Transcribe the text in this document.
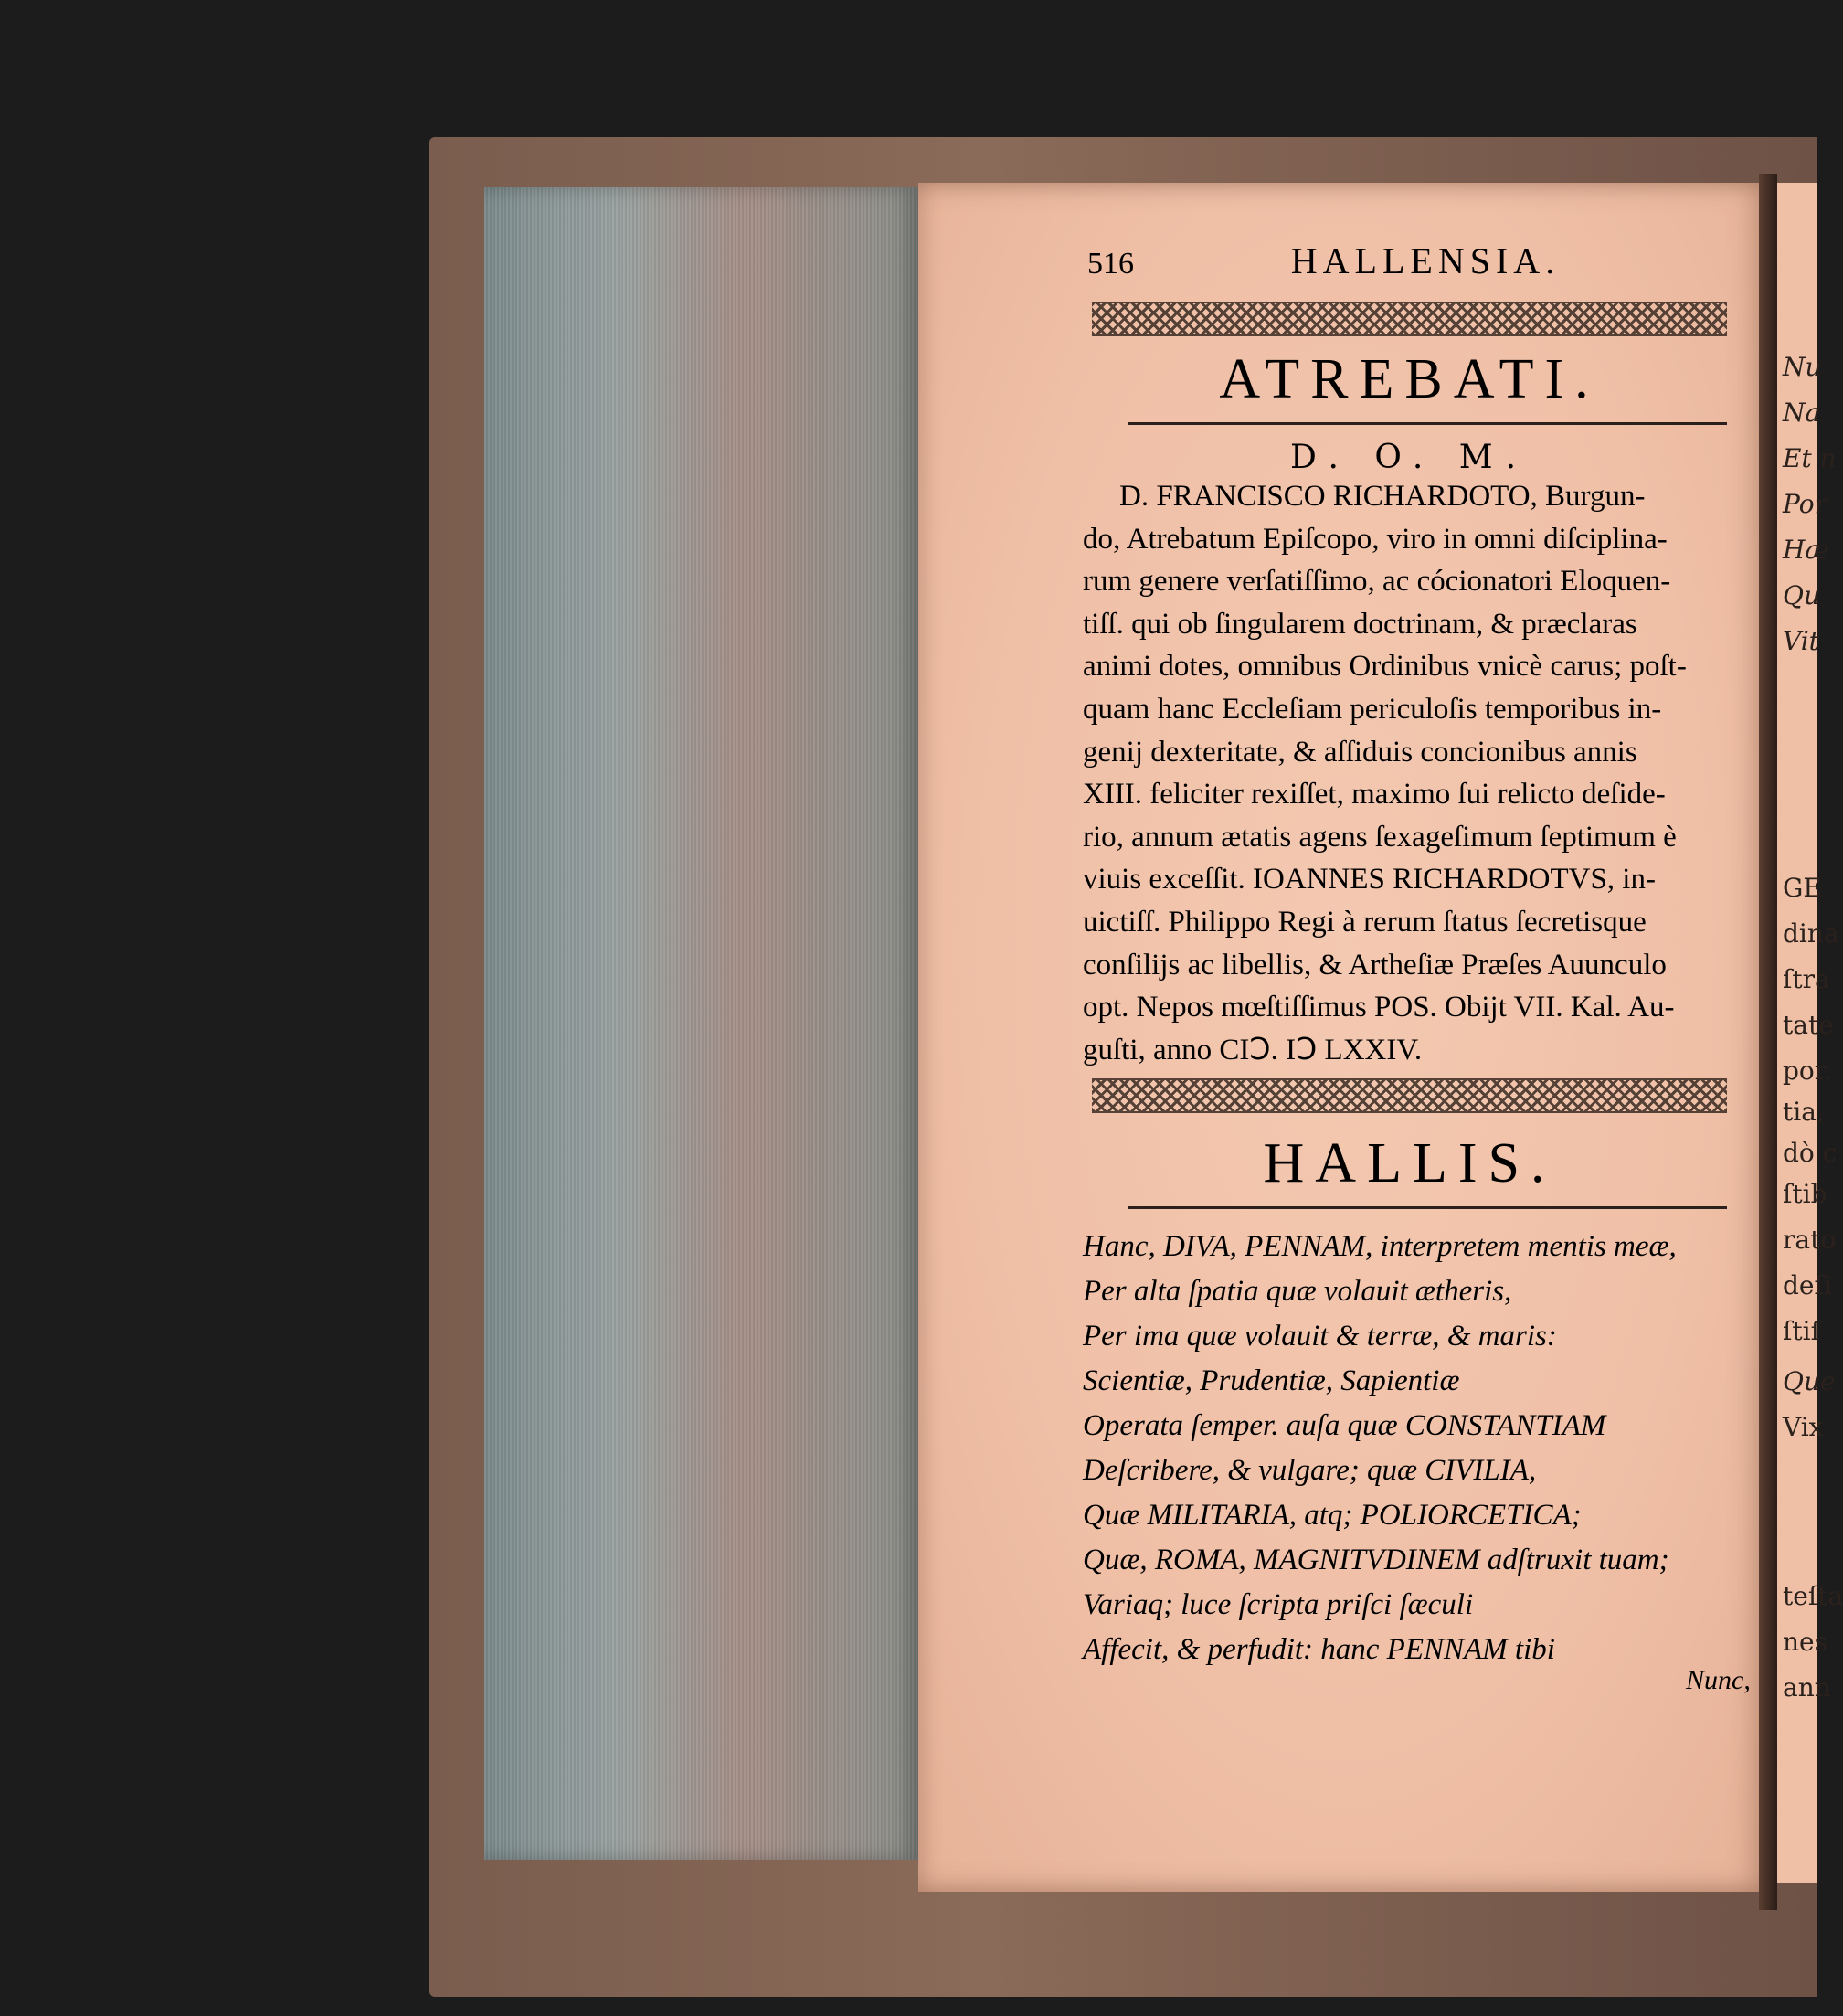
Nu
Na
Et n
Por
Hæ
Qu
Vit
GE
dina
ſtra
tate
por.
tia,
dò c
ſtib
rato
deſi
ſtiſ
Que
Vix
teſta
nes
ann
516	HALLENSIA.
ATREBATI.
D. O. M.
D. FRANCISCO RICHARDOTO, Burgun-
do, Atrebatum Epiſcopo, viro in omni diſciplina-
rum genere verſatiſſimo, ac cócionatori Eloquen-
tiſſ. qui ob ſingularem doctrinam, & præclaras
animi dotes, omnibus Ordinibus vnicè carus; poſt-
quam hanc Eccleſiam periculoſis temporibus in-
genij dexteritate, & aſſiduis concionibus annis
XIII. feliciter rexiſſet, maximo ſui relicto deſide-
rio, annum ætatis agens ſexageſimum ſeptimum è
viuis exceſſit. IOANNES RICHARDOTVS, in-
uictiſſ. Philippo Regi à rerum ſtatus ſecretisque
conſilijs ac libellis, & Artheſiæ Præſes Auunculo
opt. Nepos mœſtiſſimus POS. Obijt VII. Kal. Au-
guſti, anno CIↃ. IↃ LXXIV.
HALLIS.
Hanc, DIVA, PENNAM, interpretem mentis meæ,
Per alta ſpatia quæ volauit ætheris,
Per ima quæ volauit & terræ, & maris:
Scientiæ, Prudentiæ, Sapientiæ
Operata ſemper. auſa quæ CONSTANTIAM
Deſcribere, & vulgare; quæ CIVILIA,
Quæ MILITARIA, atq; POLIORCETICA;
Quæ, ROMA, MAGNITVDINEM adſtruxit tuam;
Variaq; luce ſcripta priſci ſæculi
Affecit, & perfudit: hanc PENNAM tibi
Nunc,
